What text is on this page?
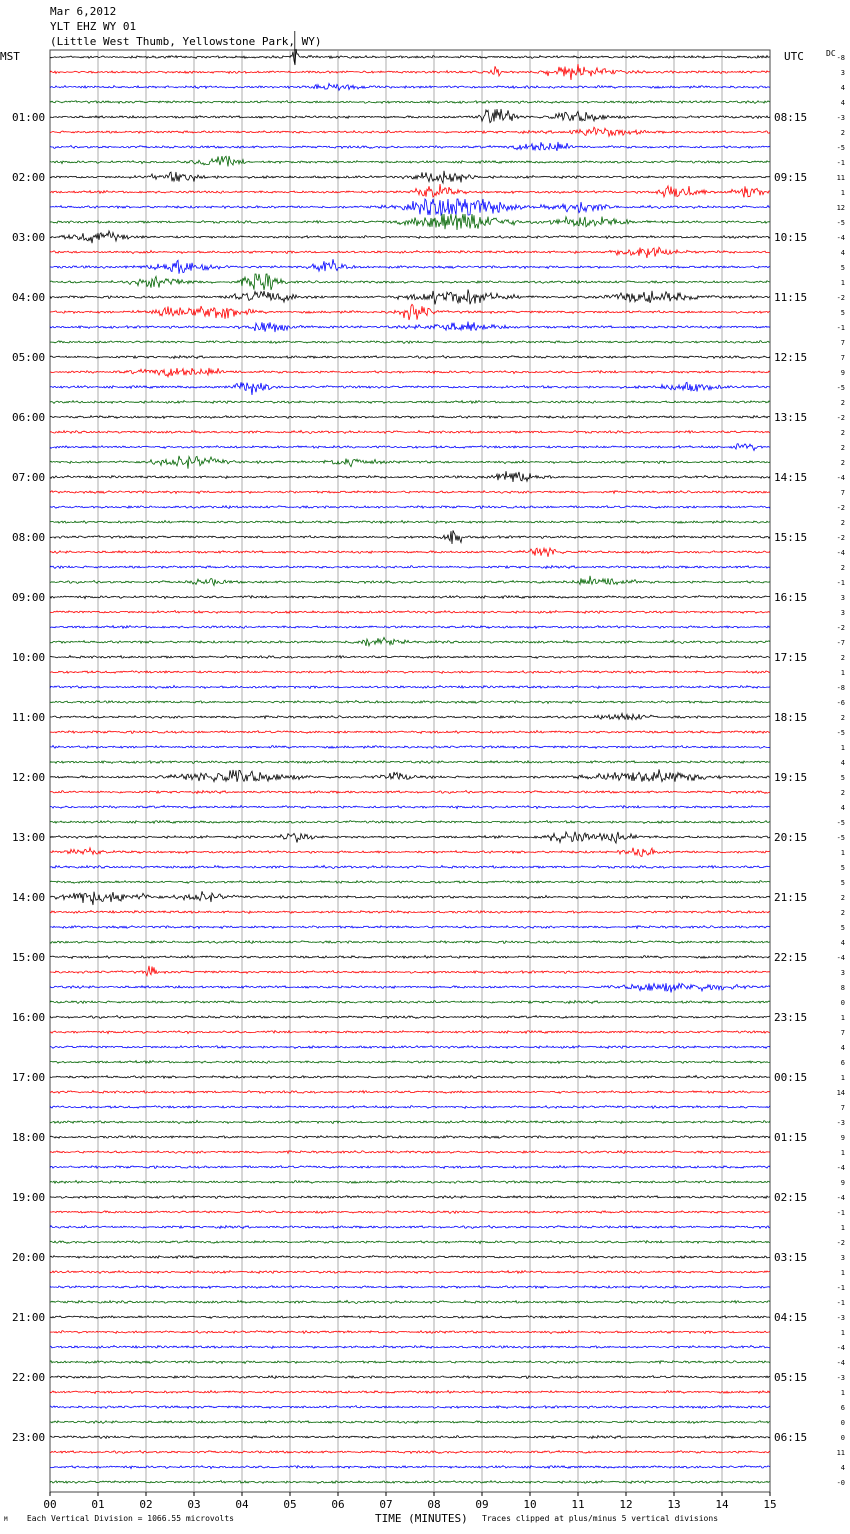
Mar 6,2012
YLT EHZ WY 01
(Little West Thumb, Yellowstone Park, WY)
MST	UTC	DC
01:00
02:00
03:00
04:00
05:00
06:00
07:00
08:00
09:00
10:00
11:00
12:00
13:00
14:00
15:00
16:00
17:00
18:00
19:00
20:00
21:00
22:00
23:00
08:15
09:15
10:15
11:15
12:15
13:15
14:15
15:15
16:15
17:15
18:15
19:15
20:15
21:15
22:15
23:15
00:15
01:15
02:15
03:15
04:15
05:15
06:15
-8
3
4
4
-3
2
-5
-1
11
1
12
-5
-4
4
5
1
-2
5
-1
7
7
9
-5
2
-2
2
2
2
-4
7
-2
2
-2
-4
2
-1
3
3
-2
-7
2
1
-8
-6
2
-5
1
4
5
2
4
-5
-5
1
5
5
2
2
5
4
-4
3
8
0
1
7
4
6
1
14
7
-3
9
1
-4
9
-4
-1
1
-2
3
1
-1
-1
-3
1
-4
-4
-3
1
6
0
0
11
4
-0
00	01	02	03	04	05	06	07	08	09	10	11	12	13	14	15
M Each Vertical Division = 1066.55 microvolts	TIME (MINUTES) Traces clipped at plus/minus 5 vertical divisions
